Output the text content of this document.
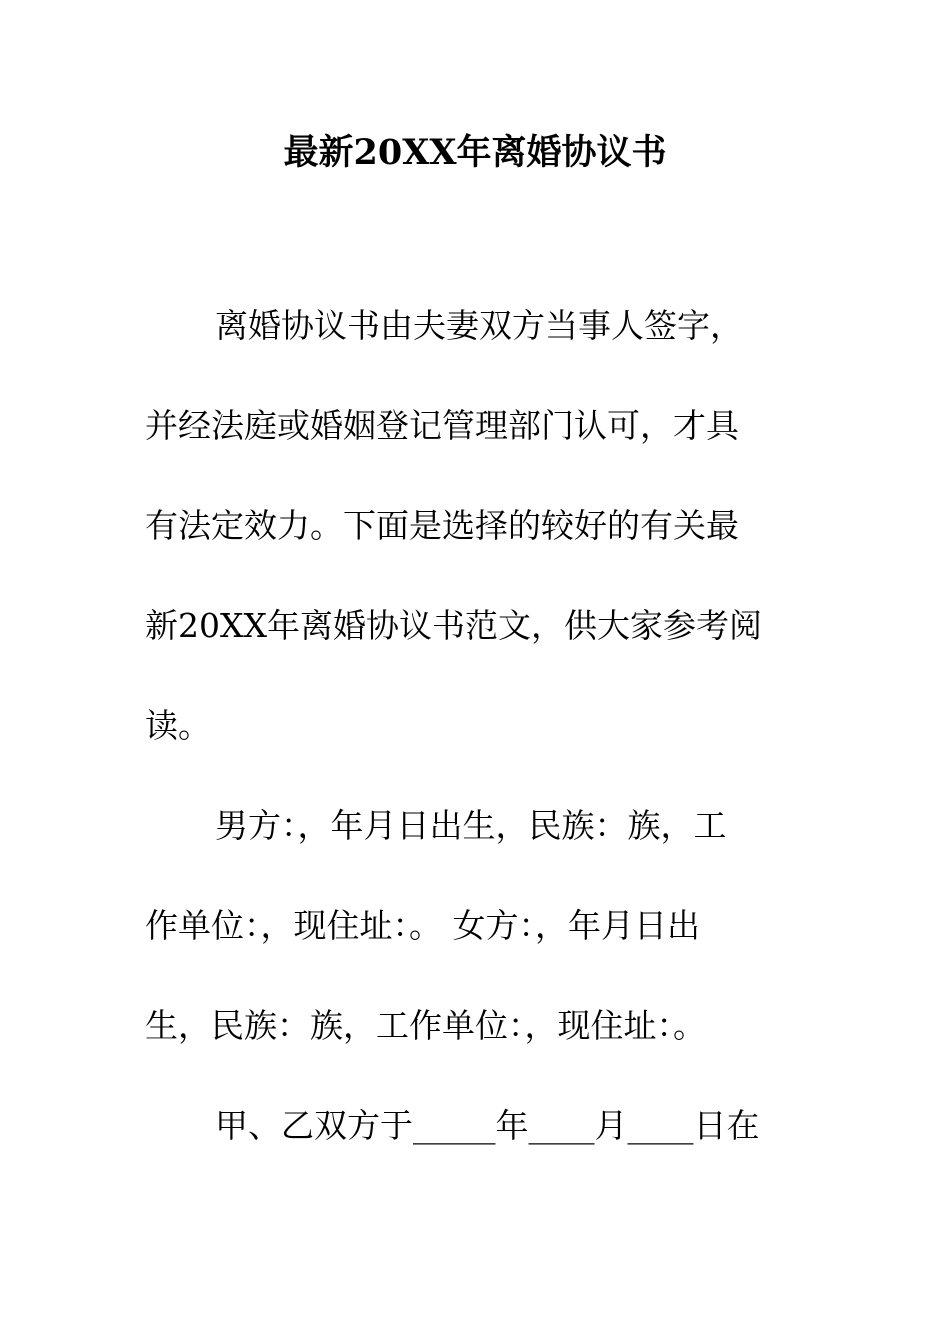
最新20XX年离婚协议书
离婚协议书由夫妻双方当事人签字，
并经法庭或婚姻登记管理部门认可，才具
有法定效力。下面是选择的较好的有关最
新20XX年离婚协议书范文，供大家参考阅
读。
男方：，年月日出生，民族：族，工
作单位：，现住址：。 女方：，年月日出
生，民族：族，工作单位：，现住址：。
甲、乙双方于_____年____月____日在
